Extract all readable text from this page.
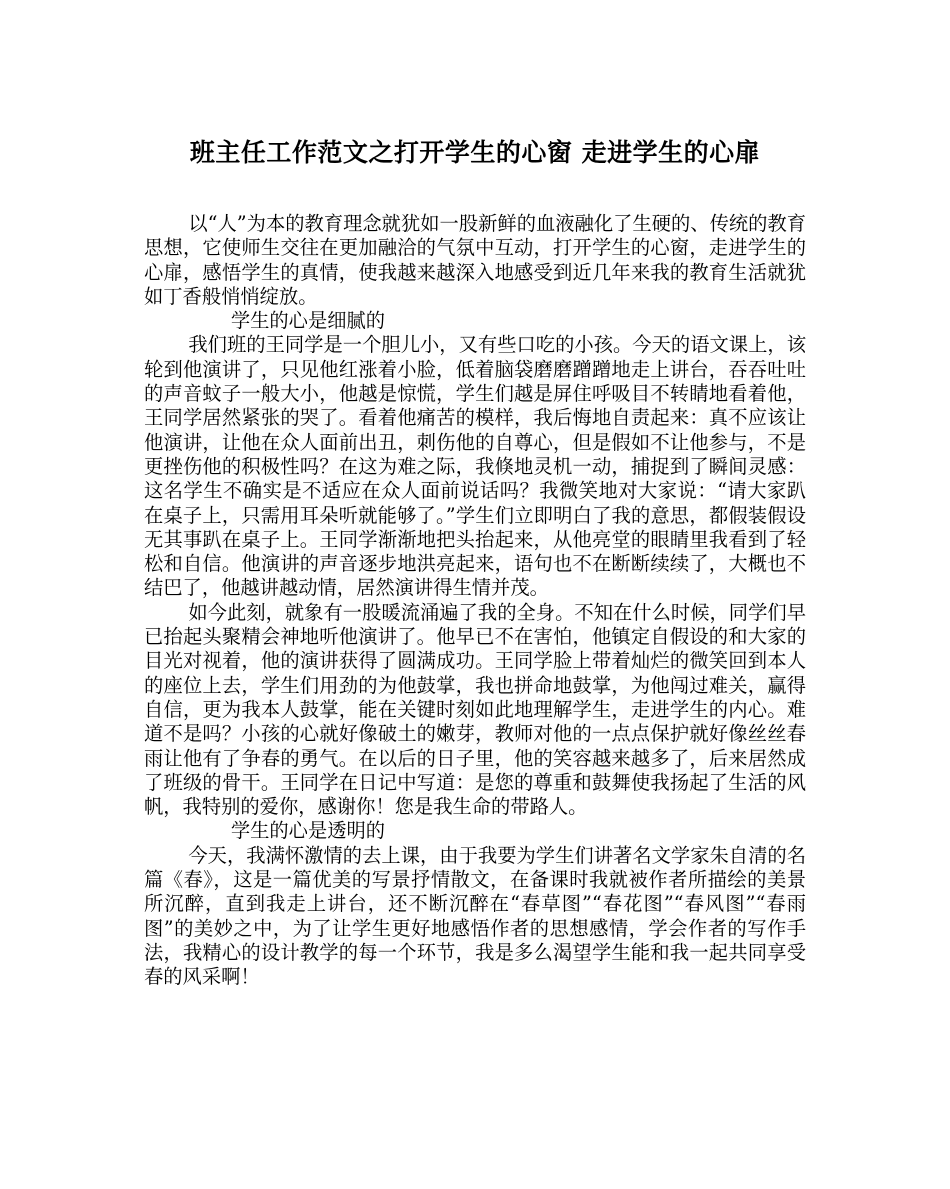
班主任工作范文之打开学生的心窗 走进学生的心扉

以“人”为本的教育理念就犹如一股新鲜的血液融化了生硬的、传统的教育思想，它使师生交往在更加融洽的气氛中互动，打开学生的心窗，走进学生的心扉，感悟学生的真情，使我越来越深入地感受到近几年来我的教育生活就犹如丁香般悄悄绽放。

学生的心是细腻的

我们班的王同学是一个胆儿小，又有些口吃的小孩。今天的语文课上，该轮到他演讲了，只见他红涨着小脸，低着脑袋磨磨蹭蹭地走上讲台，吞吞吐吐的声音蚊子一般大小，他越是惊慌，学生们越是屏住呼吸目不转睛地看着他，王同学居然紧张的哭了。看着他痛苦的模样，我后悔地自责起来：真不应该让他演讲，让他在众人面前出丑，刺伤他的自尊心，但是假如不让他参与，不是更挫伤他的积极性吗？在这为难之际，我倏地灵机一动，捕捉到了瞬间灵感：这名学生不确实是不适应在众人面前说话吗？我微笑地对大家说：“请大家趴在桌子上，只需用耳朵听就能够了。”学生们立即明白了我的意思，都假装假设无其事趴在桌子上。王同学渐渐地把头抬起来，从他亮堂的眼睛里我看到了轻松和自信。他演讲的声音逐步地洪亮起来，语句也不在断断续续了，大概也不结巴了，他越讲越动情，居然演讲得生情并茂。

如今此刻，就象有一股暖流涌遍了我的全身。不知在什么时候，同学们早已抬起头聚精会神地听他演讲了。他早已不在害怕，他镇定自假设的和大家的目光对视着，他的演讲获得了圆满成功。王同学脸上带着灿烂的微笑回到本人的座位上去，学生们用劲的为他鼓掌，我也拼命地鼓掌，为他闯过难关，赢得自信，更为我本人鼓掌，能在关键时刻如此地理解学生，走进学生的内心。难道不是吗？小孩的心就好像破土的嫩芽，教师对他的一点点保护就好像丝丝春雨让他有了争春的勇气。在以后的日子里，他的笑容越来越多了，后来居然成了班级的骨干。王同学在日记中写道：是您的尊重和鼓舞使我扬起了生活的风帆，我特别的爱你，感谢你！您是我生命的带路人。

学生的心是透明的

今天，我满怀激情的去上课，由于我要为学生们讲著名文学家朱自清的名篇《春》，这是一篇优美的写景抒情散文，在备课时我就被作者所描绘的美景所沉醉，直到我走上讲台，还不断沉醉在“春草图”“春花图”“春风图”“春雨图”的美妙之中，为了让学生更好地感悟作者的思想感情，学会作者的写作手法，我精心的设计教学的每一个环节，我是多么渴望学生能和我一起共同享受春的风采啊！
